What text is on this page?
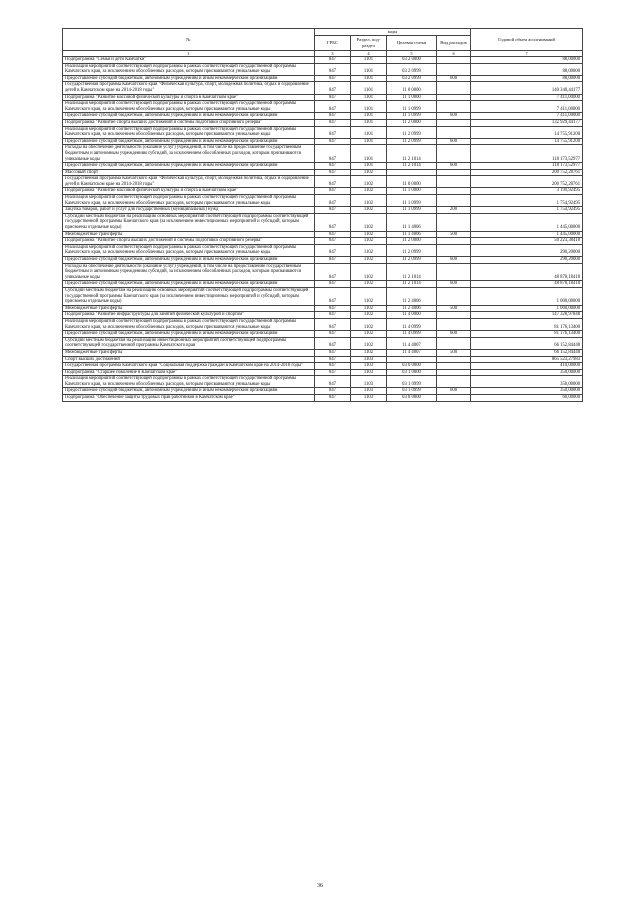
№	коды				Годовой объем ассигнований
	ГРБС	Раздел, под-раздел	Целевая статья	Вид расходов	
1	3	4	5	6	7
Подпрограмма "Семья и дети Камчатки"	847	1101	03 2 0000		88,00000
Реализация мероприятий соответствующей подпрограммы в рамках соответствующей государственной программы Камчатского края, за исключением обособленных расходов, которым присваиваются уникальные коды	847	1101	03 2 0999		88,00000
Предоставление субсидий бюджетным, автономным учреждениям и иным некоммерческим организациям	847	1101	03 2 0999	600	88,00000
Государственная программа Камчатского края "Физическая культура, спорт, молодежная политика, отдых и оздоровление детей в Камчатском крае на 2014-2018 годы"	847	1101	11 0 0000		140 340,44177
Подпрограмма "Развитие массовой физической культуры и спорта в Камчатском крае"	847	1101	11 1 0000		7 411,00000
Реализация мероприятий соответствующей подпрограммы в рамках соответствующей государственной программы Камчатского края, за исключением обособленных расходов, которым присваиваются уникальные коды	847	1101	11 1 0999		7 411,00000
Предоставление субсидий бюджетным, автономным учреждениям и иным некоммерческим организациям	847	1101	11 1 0999	600	7 411,00000
Подпрограмма "Развитие спорта высших достижений и системы подготовки спортивного резерва"	847	1101	11 2 0000		132 929,44177
Реализация мероприятий соответствующей подпрограммы в рамках соответствующей государственной программы Камчатского края, за исключением обособленных расходов, которым присваиваются уникальные коды	847	1101	11 2 0999		14 755,91200
Предоставление субсидий бюджетным, автономным учреждениям и иным некоммерческим организациям	847	1101	11 2 0999	600	14 755,91200
Расходы на обеспечение деятельности (оказание услуг) учреждений, в том числе на предоставление государственным бюджетным и автономным учреждениям субсидий, за исключением обособленных расходов, которым присваиваются уникальные коды	847	1101	11 2 1014		118 173,52977
Предоставление субсидий бюджетным, автономным учреждениям и иным некоммерческим организациям	847	1101	11 2 1014	600	118 173,52977
Массовый спорт	847	1102			200 752,28761
Государственная программа Камчатского края "Физическая культура, спорт, молодежная политика, отдых и оздоровление детей в Камчатском крае на 2014-2018 годы"	847	1102	11 0 0000		200 752,28761
Подпрограмма "Развитие массовой физической культуры и спорта в Камчатском крае"	847	1102	11 1 0000		3 199,92495
Реализация мероприятий соответствующей подпрограммы в рамках соответствующей государственной программы Камчатского края, за исключением обособленных расходов, которым присваиваются уникальные коды	847	1102	11 1 0999		1 754,92495
Закупка товаров, работ и услуг для государственных (муниципальных) нужд	847	1102	11 1 0999	200	1 754,92495
Субсидии местным бюджетам на реализацию основных мероприятий соответствующей подпрограммы соответствующей государственной программы Камчатского края (за исключением инвестиционных мероприятий и субсидий, которым присвоены отдельные коды)	847	1102	11 1 4006		1 445,00000
Межбюджетные трансферты	847	1102	11 1 4006	500	1 445,00000
Подпрограмма "Развитие спорта высших достижений и системы подготовки спортивного резерва"	847	1102	11 2 0000		50 223,38418
Реализация мероприятий соответствующей подпрограммы в рамках соответствующей государственной программы Камчатского края, за исключением обособленных расходов, которым присваиваются уникальные коды	847	1102	11 2 0999		290,20000
Предоставление субсидий бюджетным, автономным учреждениям и иным некоммерческим организациям	847	1102	11 2 0999	600	290,20000
Расходы на обеспечение деятельности (оказание услуг) учреждений, в том числе на предоставление государственным бюджетным и автономным учреждениям субсидий, за исключением обособленных расходов, которым присваиваются уникальные коды	847	1102	11 2 1014		48 878,18418
Предоставление субсидий бюджетным, автономным учреждениям и иным некоммерческим организациям	847	1102	11 2 1014	600	48 878,18418
Субсидии местным бюджетам на реализацию основных мероприятий соответствующей подпрограммы соответствующей государственной программы Камчатского края (за исключением инвестиционных мероприятий и субсидий, которым присвоены отдельные коды)	847	1102	11 2 4006		1 000,00000
Межбюджетные трансферты	847	1102	11 2 4006	500	1 000,00000
Подпрограмма "Развитие инфраструктуры для занятий физической культурой и спортом"	847	1102	11 4 0000		147 328,97848
Реализация мероприятий соответствующей подпрограммы в рамках соответствующей государственной программы Камчатского края, за исключением обособленных расходов, которым присваиваются уникальные коды	847	1102	11 4 0999		81 176,13400
Предоставление субсидий бюджетным, автономным учреждениям и иным некоммерческим организациям	847	1102	11 4 0999	600	81 176,13400
Субсидии местным бюджетам на реализацию инвестиционных мероприятий соответствующей подпрограммы соответствующей государственной программы Камчатского края	847	1102	11 4 4007		66 152,84448
Межбюджетные трансферты	847	1102	11 4 4007	500	66 152,84448
Спорт высших достижений	847	1103			865 523,27983
Государственная программа Камчатского края "Социальная поддержка граждан в Камчатском крае на 2014-2018 годы"	847	1103	03 0 0000		410,00000
Подпрограмма "Старшее поколение в Камчатском крае"	847	1103	03 1 0000		350,00000
Реализация мероприятий соответствующей подпрограммы в рамках соответствующей государственной программы Камчатского края, за исключением обособленных расходов, которым присваиваются уникальные коды	847	1103	03 1 0999		350,00000
Предоставление субсидий бюджетным, автономным учреждениям и иным некоммерческим организациям	847	1103	03 1 0999	600	350,00000
Подпрограмма "Обеспечение защиты трудовых прав работников в Камчатском крае"	847	1103	03 8 0000		60,00000
36
